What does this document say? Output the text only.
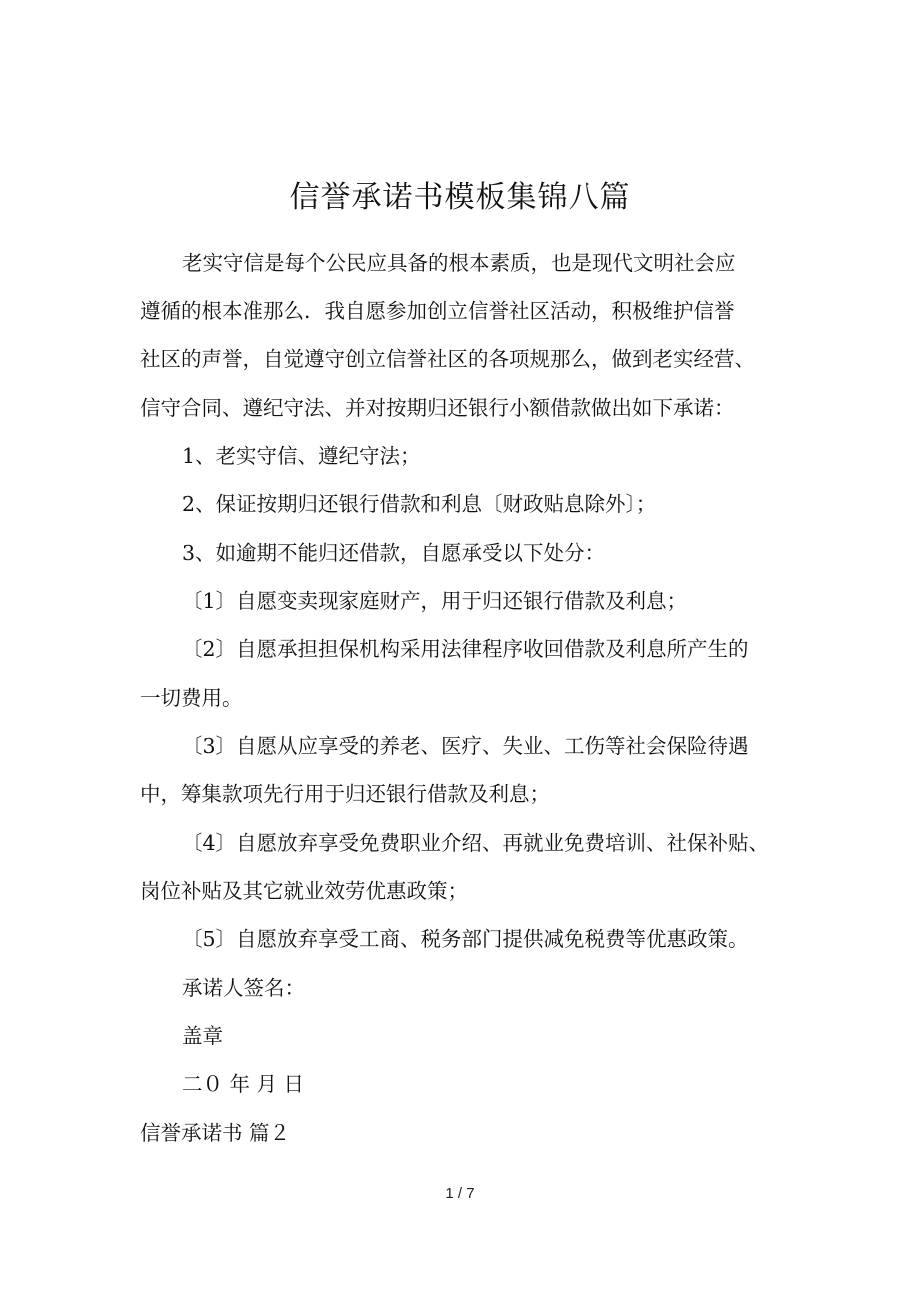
信誉承诺书模板集锦八篇
老实守信是每个公民应具备的根本素质，也是现代文明社会应
遵循的根本准那么．我自愿参加创立信誉社区活动，积极维护信誉
社区的声誉，自觉遵守创立信誉社区的各项规那么，做到老实经营、
信守合同、遵纪守法、并对按期归还银行小额借款做出如下承诺：
1、老实守信、遵纪守法；
2、保证按期归还银行借款和利息〔财政贴息除外〕；
3、如逾期不能归还借款，自愿承受以下处分：
〔1〕自愿变卖现家庭财产，用于归还银行借款及利息；
〔2〕自愿承担担保机构采用法律程序收回借款及利息所产生的
一切费用。
〔3〕自愿从应享受的养老、医疗、失业、工伤等社会保险待遇
中，筹集款项先行用于归还银行借款及利息；
〔4〕自愿放弃享受免费职业介绍、再就业免费培训、社保补贴、
岗位补贴及其它就业效劳优惠政策；
〔5〕自愿放弃享受工商、税务部门提供减免税费等优惠政策。
承诺人签名：
盖章
二０ 年 月 日
信誉承诺书 篇２
1 / 7
